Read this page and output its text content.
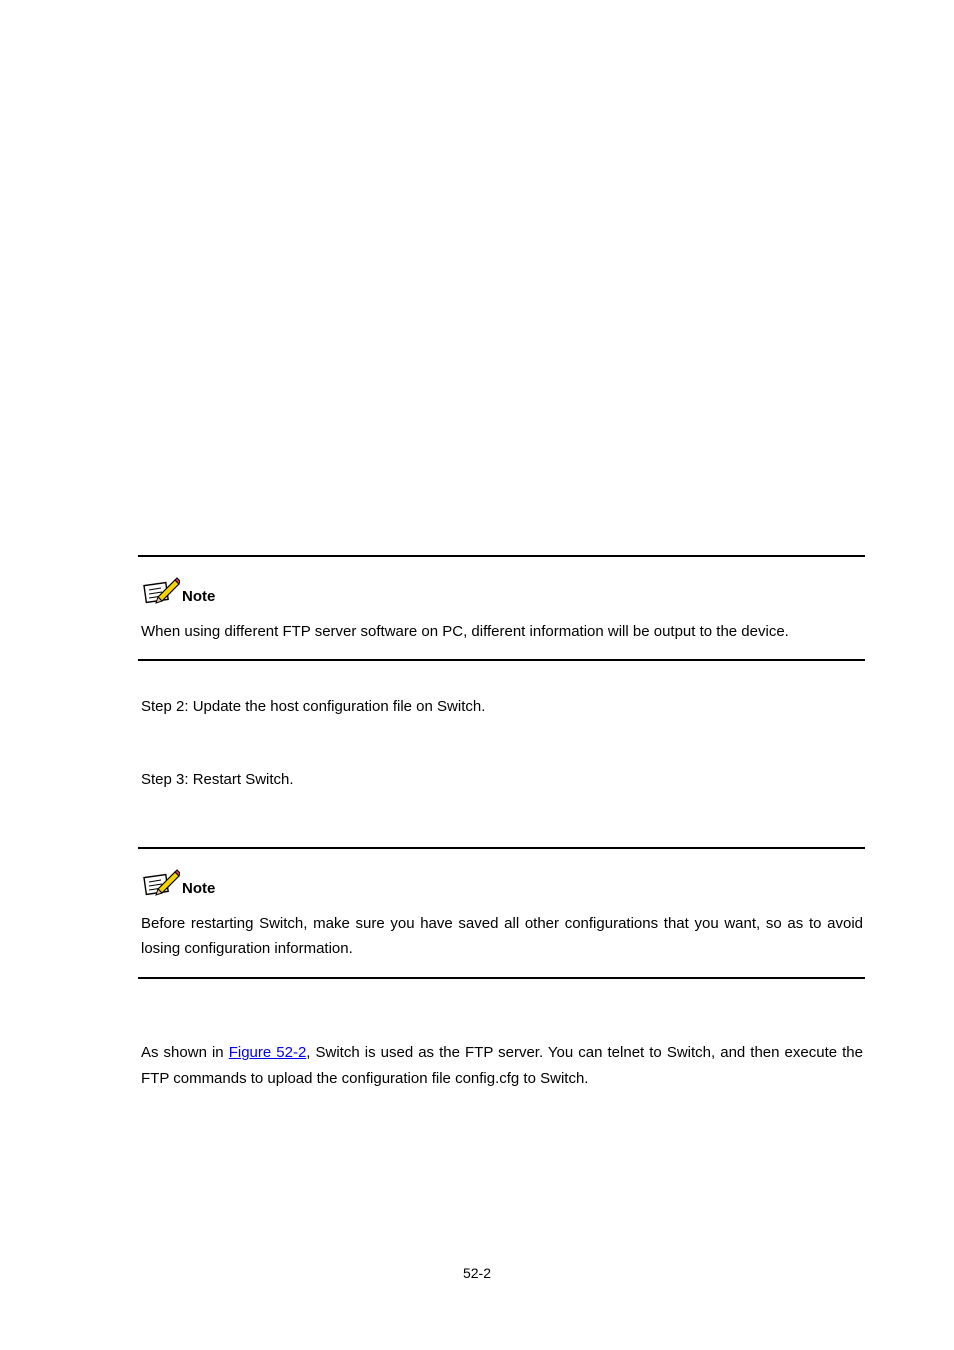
Note
When using different FTP server software on PC, different information will be output to the device.
Step 2: Update the host configuration file on Switch.
Step 3: Restart Switch.
Note
Before restarting Switch, make sure you have saved all other configurations that you want, so as to avoid losing configuration information.
As shown in Figure 52-2, Switch is used as the FTP server. You can telnet to Switch, and then execute the FTP commands to upload the configuration file config.cfg to Switch.
52-2
